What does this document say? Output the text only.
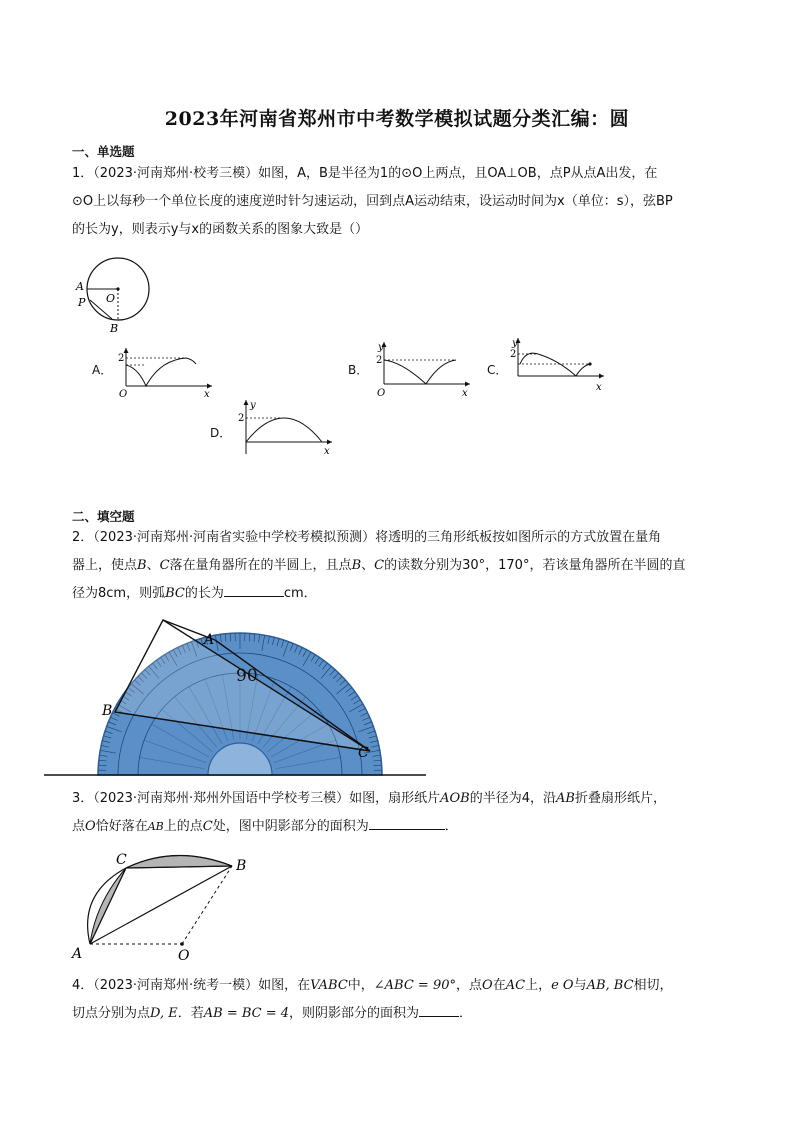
2023年河南省郑州市中考数学模拟试题分类汇编：圆
一、单选题
1．（2023·河南郑州·校考三模）如图，A，B是半径为1的⊙O上两点，且OA⊥OB，点P从点A出发，在
⊙O上以每秒一个单位长度的速度逆时针匀速运动，回到点A运动结束，设运动时间为x（单位：s），弦BP
的长为y，则表示y与x的函数关系的图象大致是（）
A
O
P
B
A．
2
O	x
B．
2
y
O	x
C．
2
y
x
D．
2
y
x
二、填空题
2．（2023·河南郑州·河南省实验中学校考模拟预测）将透明的三角形纸板按如图所示的方式放置在量角
器上，使点B、C落在量角器所在的半圆上，且点B、C的读数分别为30°，170°，若该量角器所在半圆的直
径为8cm，则弧BC的长为	cm．
90
A
B
C
3．（2023·河南郑州·郑州外国语中学校考三模）如图，扇形纸片AOB的半径为4，沿AB折叠扇形纸片，
点O恰好落在AB上的点C处，图中阴影部分的面积为	．
C	B
A	O
4．（2023·河南郑州·统考一模）如图，在VABC中，∠ABC = 90°，点O在AC上，e O与AB, BC相切，
切点分别为点D, E．若AB = BC = 4，则阴影部分的面积为	．
